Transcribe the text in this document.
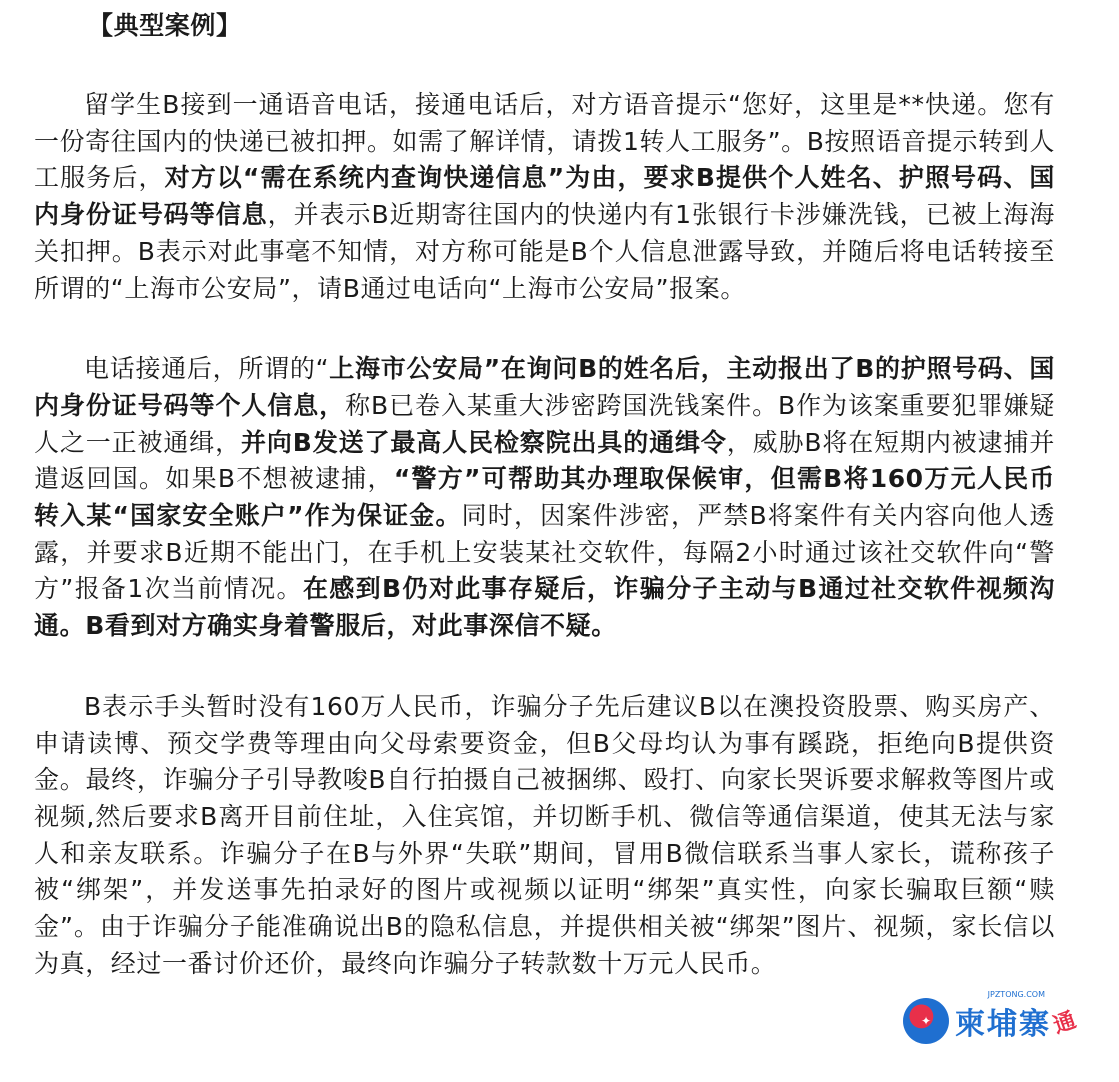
【典型案例】

留学生B接到一通语音电话，接通电话后，对方语音提示“您好，这里是**快递。您有一份寄往国内的快递已被扣押。如需了解详情，请拨1转人工服务”。B按照语音提示转到人工服务后，对方以“需在系统内查询快递信息”为由，要求B提供个人姓名、护照号码、国内身份证号码等信息，并表示B近期寄往国内的快递内有1张银行卡涉嫌洗钱，已被上海海关扣押。B表示对此事毫不知情，对方称可能是B个人信息泄露导致，并随后将电话转接至所谓的“上海市公安局”，请B通过电话向“上海市公安局”报案。

电话接通后，所谓的“上海市公安局”在询问B的姓名后，主动报出了B的护照号码、国内身份证号码等个人信息，称B已卷入某重大涉密跨国洗钱案件。B作为该案重要犯罪嫌疑人之一正被通缉，并向B发送了最高人民检察院出具的通缉令，威胁B将在短期内被逮捕并遣返回国。如果B不想被逮捕，“警方”可帮助其办理取保候审，但需B将160万元人民币转入某“国家安全账户”作为保证金。同时，因案件涉密，严禁B将案件有关内容向他人透露，并要求B近期不能出门，在手机上安装某社交软件，每隔2小时通过该社交软件向“警方”报备1次当前情况。在感到B仍对此事存疑后，诈骗分子主动与B通过社交软件视频沟通。B看到对方确实身着警服后，对此事深信不疑。

B表示手头暂时没有160万人民币，诈骗分子先后建议B以在澳投资股票、购买房产、申请读博、预交学费等理由向父母索要资金，但B父母均认为事有蹊跷，拒绝向B提供资金。最终，诈骗分子引导教唆B自行拍摄自己被捆绑、殴打、向家长哭诉要求解救等图片或视频,然后要求B离开目前住址，入住宾馆，并切断手机、微信等通信渠道，使其无法与家人和亲友联系。诈骗分子在B与外界“失联”期间，冒用B微信联系当事人家长，谎称孩子被“绑架”，并发送事先拍录好的图片或视频以证明“绑架”真实性，向家长骗取巨额“赎金”。由于诈骗分子能准确说出B的隐私信息，并提供相关被“绑架”图片、视频，家长信以为真，经过一番讨价还价，最终向诈骗分子转款数十万元人民币。

JPZTONG.COM
✦ 柬埔寨 通
